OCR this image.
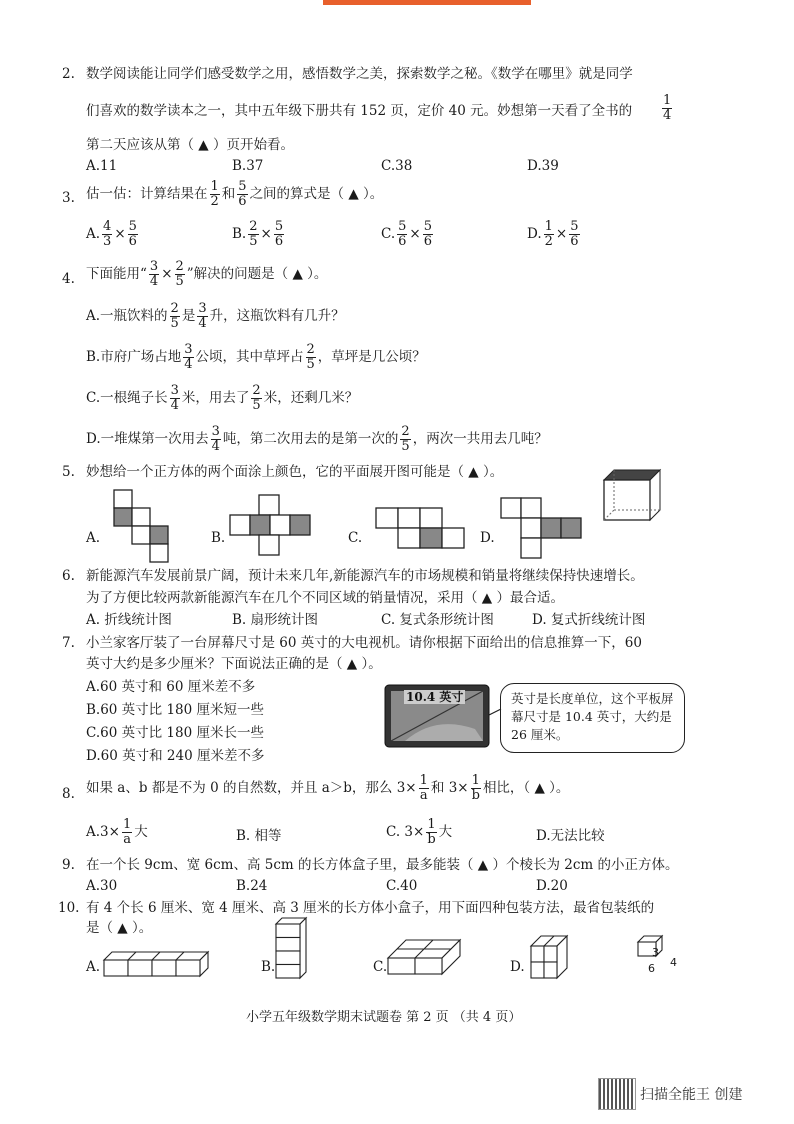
2. 数学阅读能让同学们感受数学之用，感悟数学之美，探索数学之秘。《数学在哪里》就是同学
们喜欢的数学读本之一，其中五年级下册共有 152 页，定价 40 元。妙想第一天看了全书的 $\frac{1}{4}$
第二天应该从第（ ▲ ）页开始看。
A.11	B.37	C.38	D.39
3. 估一估：计算结果在 $\frac{1}{2}$ 和 $\frac{5}{6}$ 之间的算式是（ ▲ ）。
A. $\frac{4}{3} \times \frac{5}{6}$	B. $\frac{2}{5} \times \frac{5}{6}$	C. $\frac{5}{6} \times \frac{5}{6}$	D. $\frac{1}{2} \times \frac{5}{6}$
4. 下面能用“ $\frac{3}{4} \times \frac{2}{5}$ ”解决的问题是（ ▲ ）。
A.一瓶饮料的 $\frac{2}{5}$ 是 $\frac{3}{4}$ 升，这瓶饮料有几升？
B.市府广场占地 $\frac{3}{4}$ 公顷，其中草坪占 $\frac{2}{5}$ ，草坪是几公顷？
C.一根绳子长 $\frac{3}{4}$ 米，用去了 $\frac{2}{5}$ 米，还剩几米？
D.一堆煤第一次用去 $\frac{3}{4}$ 吨，第二次用去的是第一次的 $\frac{2}{5}$ ，两次一共用去几吨？
5. 妙想给一个正方体的两个面涂上颜色，它的平面展开图可能是（ ▲ ）。
A.	B.	C.	D.
6. 新能源汽车发展前景广阔，预计未来几年,新能源汽车的市场规模和销量将继续保持快速增长。
为了方便比较两款新能源汽车在几个不同区域的销量情况，采用（ ▲ ）最合适。
A. 折线统计图	B. 扇形统计图	C. 复式条形统计图	D. 复式折线统计图
7. 小兰家客厅装了一台屏幕尺寸是 60 英寸的大电视机。请你根据下面给出的信息推算一下，60
英寸大约是多少厘米？下面说法正确的是（ ▲ ）。
A.60 英寸和 60 厘米差不多
B.60 英寸比 180 厘米短一些
C.60 英寸比 180 厘米长一些
D.60 英寸和 240 厘米差不多
10.4 英寸	英寸是长度单位，这个平板屏幕尺寸是 10.4 英寸，大约是 26 厘米。
8. 如果 a、b 都是不为 0 的自然数，并且 a＞b，那么 $3\times \frac{1}{a}$ 和 $3\times \frac{1}{b}$ 相比，（ ▲ ）。
$A.3\times \frac{1}{a}$ 大	B. 相等	C. $3\times \frac{1}{b}$ 大	D.无法比较
9. 在一个长 9cm、宽 6cm、高 5cm 的长方体盒子里，最多能装（ ▲ ）个棱长为 2cm 的小正方体。
A.30	B.24	C.40	D.20
10. 有 4 个长 6 厘米、宽 4 厘米、高 3 厘米的长方体小盒子，用下面四种包装方法，最省包装纸的
是（ ▲ ）。
A.	B.	C.	D.
3
6 4
小学五年级数学期末试题卷 第 2 页 （共 4 页）
扫描全能王 创建
